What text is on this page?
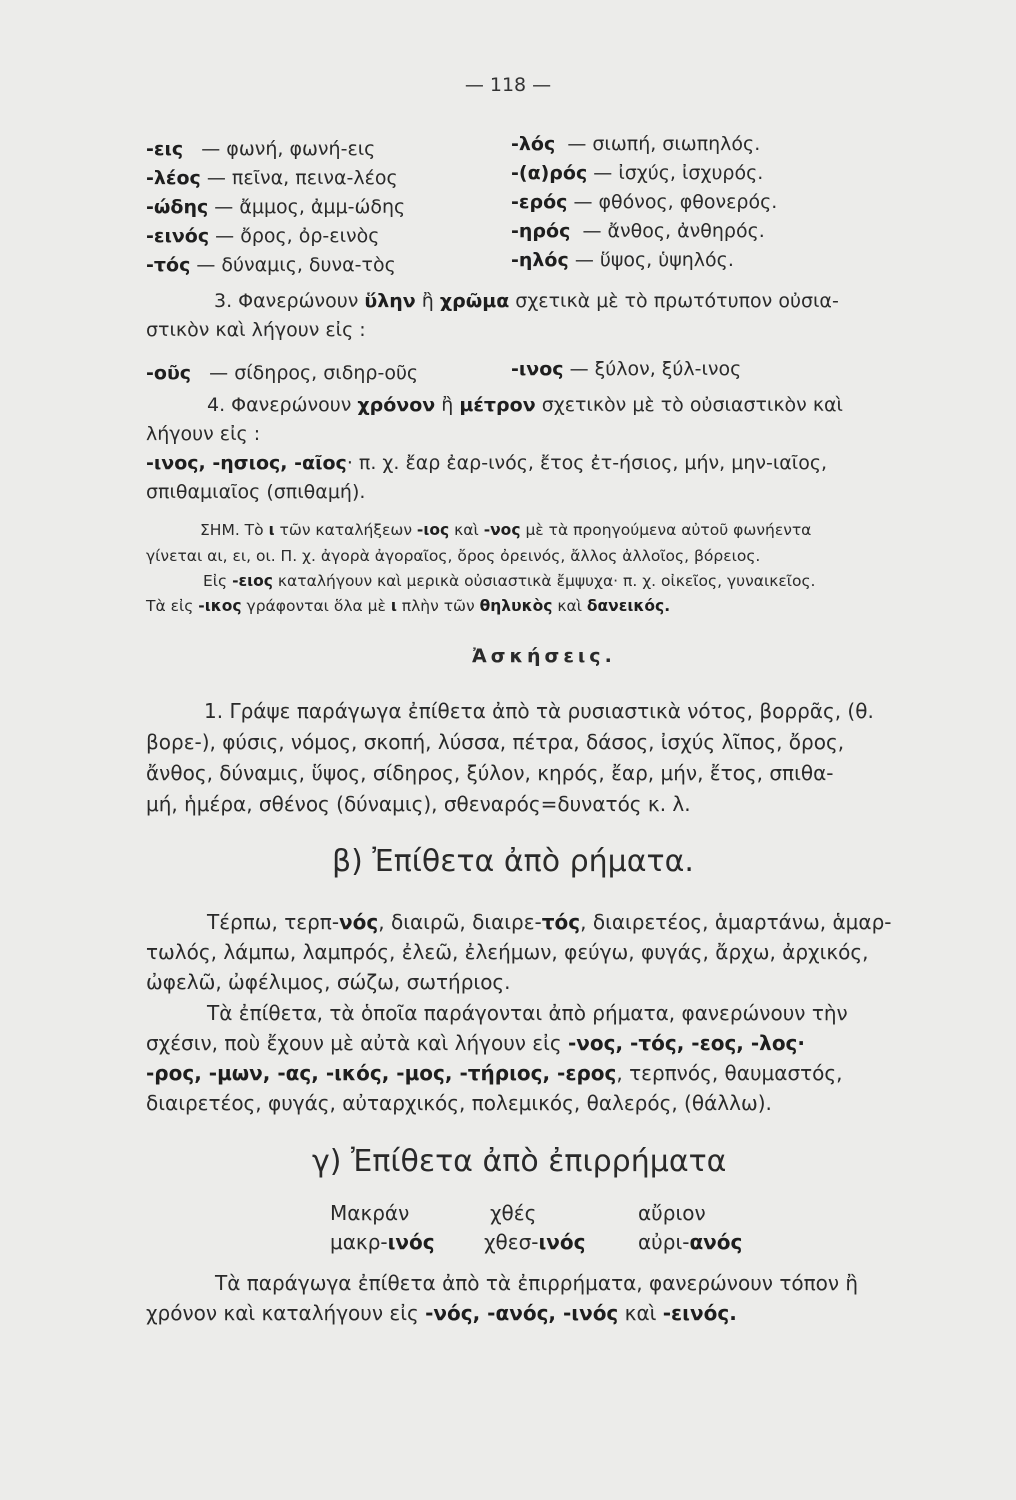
— 118 —
-εις — φωνή, φωνή-εις
-λέος — πεῖνα, πεινα-λέος
-ώδης — ἄμμος, ἀμμ-ώδης
-εινός — ὄρος, ὀρ-εινὸς
-τός — δύναμις, δυνα-τὸς
-λός — σιωπή, σιωπηλός.
-(α)ρός — ἰσχύς, ἰσχυρός.
-ερός — φθόνος, φθονερός.
-ηρός — ἄνθος, ἀνθηρός.
-ηλός — ὕψος, ὑψηλός.
3. Φανερώνουν ὕλην ἢ χρῶμα σχετικὰ μὲ τὸ πρωτότυπον οὐσια-
στικὸν καὶ λήγουν εἰς :
-οῦς — σίδηρος, σιδηρ-οῦς	-ινος — ξύλον, ξύλ-ινος
4. Φανερώνουν χρόνον ἢ μέτρον σχετικὸν μὲ τὸ οὐσιαστικὸν καὶ
λήγουν εἰς :
-ινος, -ησιος, -αῖος· π. χ. ἔαρ ἐαρ-ινός, ἔτος ἐτ-ήσιος, μήν, μην-ιαῖος,
σπιθαμιαῖος (σπιθαμή).
ΣΗΜ. Τὸ ι τῶν καταλήξεων -ιος καὶ -νος μὲ τὰ προηγούμενα αὐτοῦ φωνήεντα
γίνεται αι, ει, οι. Π. χ. ἀγορὰ ἀγοραῖος, ὄρος ὀρεινός, ἄλλος ἀλλοῖος, βόρειος.
Εἰς -ειος καταλήγουν καὶ μερικὰ οὐσιαστικὰ ἔμψυχα· π. χ. οἰκεῖος, γυναικεῖος.
Τὰ εἰς -ικος γράφονται ὅλα μὲ ι πλὴν τῶν θηλυκὸς καὶ δανεικός.
Ἀσκήσεις.
1. Γράψε παράγωγα ἐπίθετα ἀπὸ τὰ ρυσιαστικὰ νότος, βορρᾶς, (θ.
βορε-), φύσις, νόμος, σκοπή, λύσσα, πέτρα, δάσος, ἰσχύς λῖπος, ὄρος,
ἄνθος, δύναμις, ὕψος, σίδηρος, ξύλον, κηρός, ἔαρ, μήν, ἔτος, σπιθα-
μή, ἡμέρα, σθένος (δύναμις), σθεναρός=δυνατός κ. λ.
β) Ἐπίθετα ἀπὸ ρήματα.
Τέρπω, τερπ-νός, διαιρῶ, διαιρε-τός, διαιρετέος, ἁμαρτάνω, ἁμαρ-
τωλός, λάμπω, λαμπρός, ἐλεῶ, ἐλεήμων, φεύγω, φυγάς, ἄρχω, ἀρχικός,
ὠφελῶ, ὠφέλιμος, σώζω, σωτήριος.
Τὰ ἐπίθετα, τὰ ὁποῖα παράγονται ἀπὸ ρήματα, φανερώνουν τὴν
σχέσιν, ποὺ ἔχουν μὲ αὐτὰ καὶ λήγουν εἰς -νος, -τός, -εος, -λος·
-ρος, -μων, -ας, -ικός, -μος, -τήριος, -ερος, τερπνός, θαυμαστός,
διαιρετέος, φυγάς, αὐταρχικός, πολεμικός, θαλερός, (θάλλω).
γ) Ἐπίθετα ἀπὸ ἐπιρρήματα
Μακράν	χθές	αὔριον
μακρ-ινός χθεσ-ινός	αὐρι-ανός
Τὰ παράγωγα ἐπίθετα ἀπὸ τὰ ἐπιρρήματα, φανερώνουν τόπον ἢ
χρόνον καὶ καταλήγουν εἰς -νός, -ανός, -ινός καὶ -εινός.
